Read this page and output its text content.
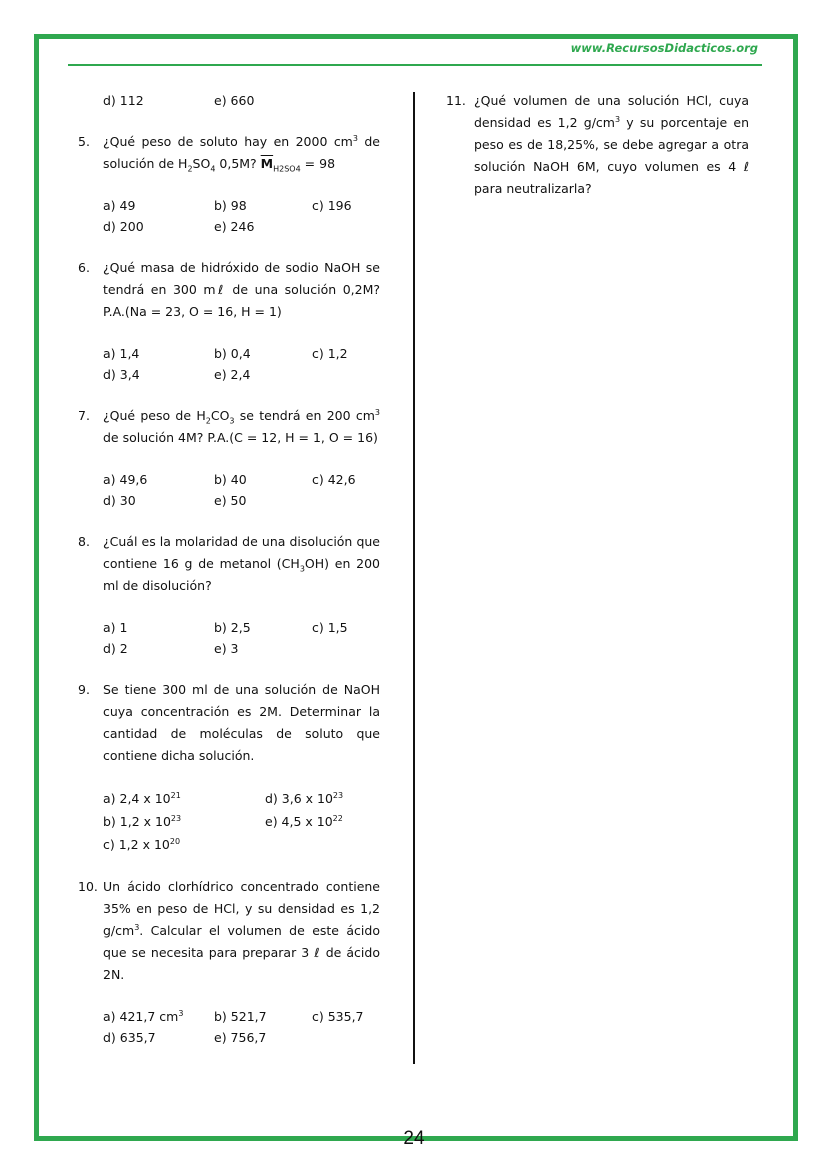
www.RecursosDidacticos.org
d) 112	e) 660
5. ¿Qué peso de soluto hay en 2000 $cm^3$ de solución de $H_2SO_4$ 0,5M? $\overline{M}_{H2SO4} = 98$
a) 49	b) 98	c) 196
d) 200	e) 246
6. ¿Qué masa de hidróxido de sodio NaOH se tendrá en 300 mℓ de una solución 0,2M? P.A.(Na = 23, O = 16, H = 1)
a) 1,4	b) 0,4	c) 1,2
d) 3,4	e) 2,4
7. ¿Qué peso de $H_2CO_3$ se tendrá en 200 $cm^3$ de solución 4M? P.A.(C = 12, H = 1, O = 16)
a) 49,6	b) 40	c) 42,6
d) 30	e) 50
8. ¿Cuál es la molaridad de una disolución que contiene 16 g de metanol $(CH_3OH)$ en 200 ml de disolución?
a) 1	b) 2,5	c) 1,5
d) 2	e) 3
9. Se tiene 300 ml de una solución de NaOH cuya concentración es 2M. Determinar la cantidad de moléculas de soluto que contiene dicha solución.
a) 2,4 x $10^{21}$	d) 3,6 x $10^{23}$
b) 1,2 x $10^{23}$	e) 4,5 x $10^{22}$
c) 1,2 x $10^{20}$
10. Un ácido clorhídrico concentrado contiene 35% en peso de HCl, y su densidad es 1,2 $g/cm^3$. Calcular el volumen de este ácido que se necesita para preparar 3 ℓ de ácido 2N.
a) 421,7 $cm^3$	b) 521,7	c) 535,7
d) 635,7	e) 756,7
11. ¿Qué volumen de una solución HCl, cuya densidad es 1,2 $g/cm^3$ y su porcentaje en peso es de 18,25%, se debe agregar a otra solución NaOH 6M, cuyo volumen es 4 ℓ para neutralizarla?
24
